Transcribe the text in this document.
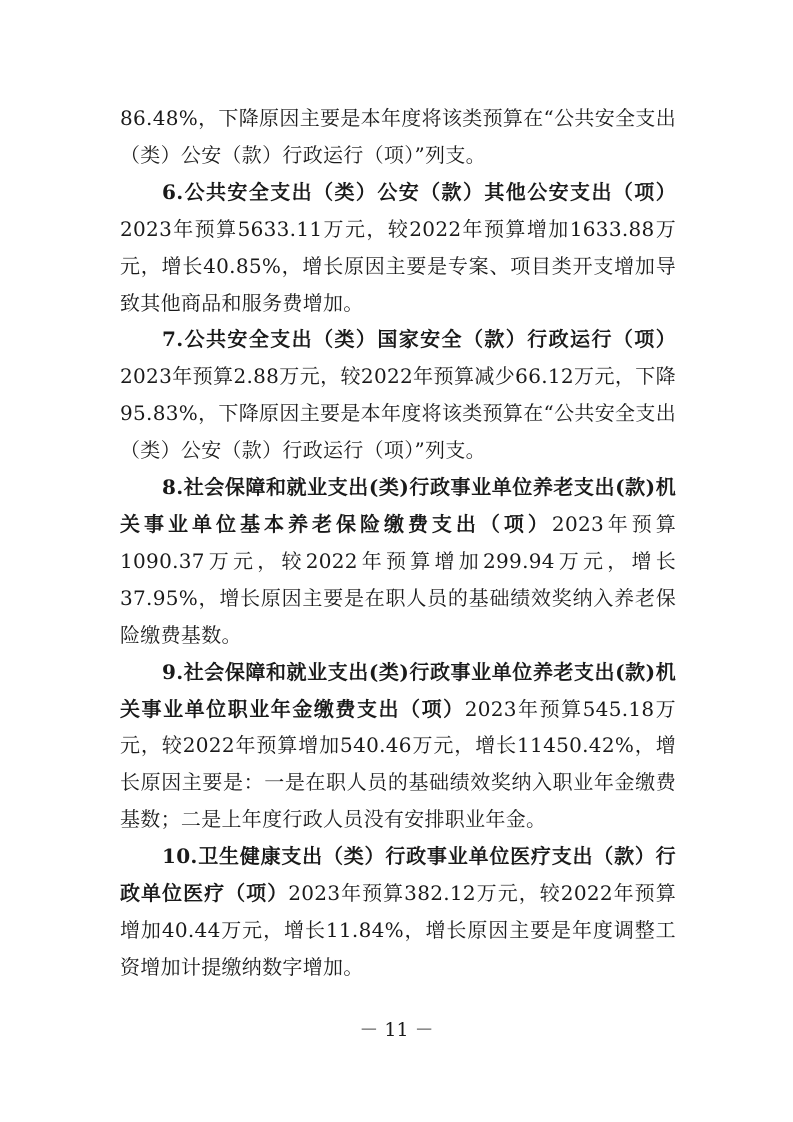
86.48%，下降原因主要是本年度将该类预算在“公共安全支出（类）公安（款）行政运行（项）”列支。

6.公共安全支出（类）公安（款）其他公安支出（项）2023年预算5633.11万元，较2022年预算增加1633.88万元，增长40.85%，增长原因主要是专案、项目类开支增加导致其他商品和服务费增加。

7.公共安全支出（类）国家安全（款）行政运行（项）2023年预算2.88万元，较2022年预算减少66.12万元，下降95.83%，下降原因主要是本年度将该类预算在“公共安全支出（类）公安（款）行政运行（项）”列支。

8.社会保障和就业支出(类)行政事业单位养老支出(款)机关事业单位基本养老保险缴费支出（项）2023年预算1090.37万元，较2022年预算增加299.94万元，增长37.95%，增长原因主要是在职人员的基础绩效奖纳入养老保险缴费基数。

9.社会保障和就业支出(类)行政事业单位养老支出(款)机关事业单位职业年金缴费支出（项）2023年预算545.18万元，较2022年预算增加540.46万元，增长11450.42%，增长原因主要是：一是在职人员的基础绩效奖纳入职业年金缴费基数；二是上年度行政人员没有安排职业年金。

10.卫生健康支出（类）行政事业单位医疗支出（款）行政单位医疗（项）2023年预算382.12万元，较2022年预算增加40.44万元，增长11.84%，增长原因主要是年度调整工资增加计提缴纳数字增加。

－ 11 －
